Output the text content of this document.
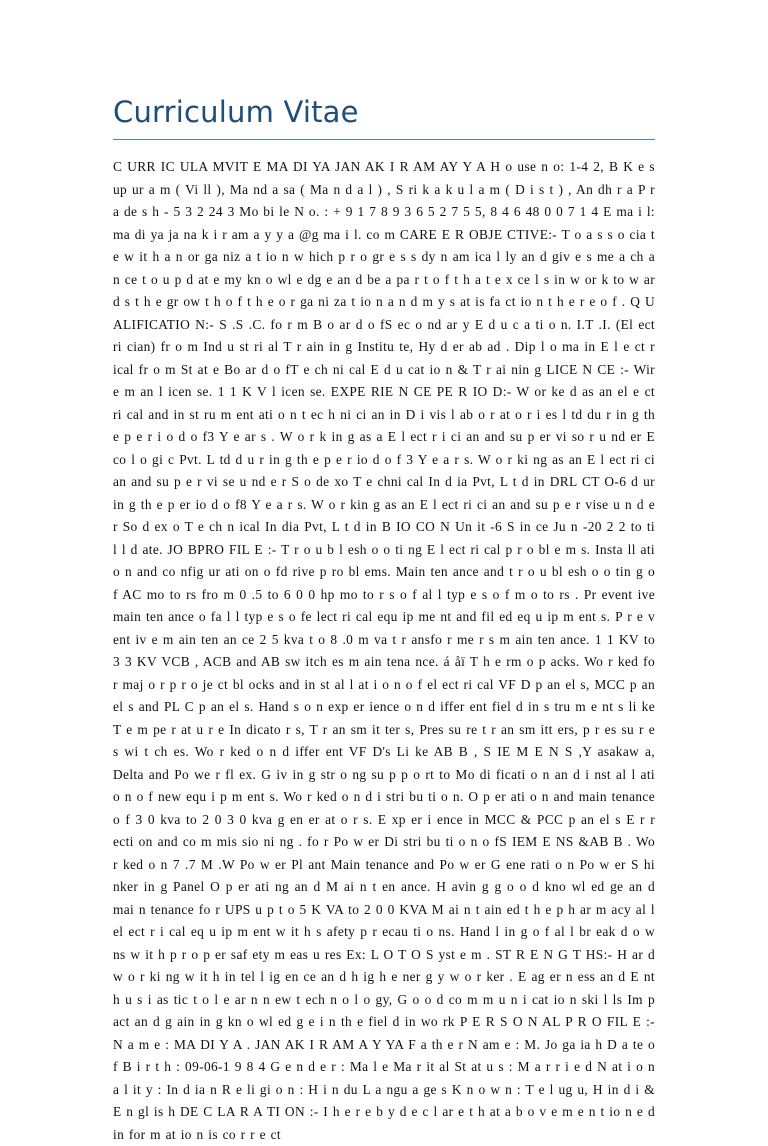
Curriculum Vitae

C URR IC ULA MVIT E MA DI YA JAN AK I R AM AY Y A H o use n o: 1-4 2, B K e s up ur a m ( Vi ll ), Ma nd a sa ( Ma n d a l ) , S ri k a k u l a m ( D i s t ) , An dh r a P r a de s h - 5 3 2 24 3 Mo bi le N o. : + 9 1 7 8 9 3 6 5 2 7 5 5, 8 4 6 48 0 0 7 1 4 E ma i l: ma di ya ja na k i r am a y y a @g ma i l. co m CARE E R OBJE CTIVE:- T o a s s o cia t e w it h a n or ga niz a t io n w hich p r o gr e s s dy n am ica l ly an d giv e s me a ch a n ce t o u p d at e my kn o wl e dg e an d be a pa r t o f t h a t e x ce l s in w or k to w ar d s t h e gr ow t h o f t h e o r ga ni za t io n a n d m y s at is fa ct io n t h e r e o f . Q U ALIFICATIO N:- S .S .C. fo r m B o ar d o fS ec o nd ar y E d u c a ti o n. I.T .I. (El ect ri cian) fr o m Ind u st ri al T r ain in g Institu te, Hy d er ab ad . Dip l o ma in E l e ct r ical fr o m St at e Bo ar d o fT e ch ni cal E d u cat io n & T r ai nin g LICE N CE :- Wir e m an l icen se. 1 1 K V l icen se. EXPE RIE N CE PE R IO D:- W or ke d as an el e ct ri cal and in st ru m ent ati o n t ec h ni ci an in D i vis l ab o r at o r i es l td du r in g th e p e r i o d o f3 Y e ar s . W o r k in g as a E l ect r i ci an and su p er vi so r u nd er E co l o gi c Pvt. L td d u r in g th e p e r io d o f 3 Y e a r s. W o r ki ng as an E l ect ri ci an and su p e r vi se u nd e r S o de xo T e chni cal In d ia Pvt, L t d in DRL CT O-6 d ur in g th e p er io d o f8 Y e a r s. W o r kin g as an E l ect ri ci an and su p e r vise u n d e r So d ex o T e ch n ical In dia Pvt, L t d in B IO CO N Un it -6 S in ce Ju n -20 2 2 to ti l l d ate. JO BPRO FIL E :- T r o u b l esh o o ti ng E l ect ri cal p r o bl e m s. Insta ll ati o n and co nfig ur ati on o fd rive p ro bl ems. Main ten ance and t r o u bl esh o o tin g o f AC mo to rs fro m 0 .5 to 6 0 0 hp mo to r s o f al l typ e s o f m o to rs . Pr event ive main ten ance o fa l l typ e s o fe lect ri cal equ ip me nt and fil ed eq u ip m ent s. P r e v ent iv e m ain ten an ce 2 5 kva t o 8 .0 m va t r ansfo r me r s m ain ten ance. 1 1 KV to 3 3 KV VCB , ACB and AB sw itch es m ain tena nce. á åï T h e rm o p acks. Wo r ked fo r maj o r p r o je ct bl ocks and in st al l at i o n o f el ect ri cal VF D p an el s, MCC p an el s and PL C p an el s. Hand s o n exp er ience o n d iffer ent fiel d in s tru m e nt s li ke T e m pe r at u r e In dicato r s, T r an sm it ter s, Pres su re t r an sm itt ers, p r es su r e s wi t ch es. Wo r ked o n d iffer ent VF D's Li ke AB B , S IE M E N S ,Y asakaw a, Delta and Po we r fl ex. G iv in g str o ng su p p o rt to Mo di ficati o n an d i nst al l ati o n o f new equ i p m ent s. Wo r ked o n d i stri bu ti o n. O p er ati o n and main tenance o f 3 0 kva to 2 0 3 0 kva g en er at o r s. E xp er i ence in MCC & PCC p an el s E r r ecti on and co m mis sio ni ng . fo r Po w er Di stri bu ti o n o fS IEM E NS &AB B . Wo r ked o n 7 .7 M .W Po w er Pl ant Main tenance and Po w er G ene rati o n Po w er S hi nker in g Panel O p er ati ng an d M ai n t en ance. H avin g g o o d kno wl ed ge an d mai n tenance fo r UPS u p t o 5 K VA to 2 0 0 KVA M ai n t ain ed t h e p h ar m acy al l el ect r i cal eq u ip m ent w it h s afety p r ecau ti o ns. Hand l in g o f al l br eak d o w ns w it h p r o p er saf ety m eas u res Ex: L O T O S yst e m . ST R E N G T HS:- H ar d w o r ki ng w it h in tel l ig en ce an d h ig h e ner g y w o r ker . E ag er n ess an d E nt h u s i as tic t o l e ar n n ew t ech n o l o gy, G o o d co m m u n i cat io n ski l ls Im p act an d g ain in g kn o wl ed g e i n th e fiel d in wo rk P E R S O N AL P R O FIL E :- N a m e : MA DI Y A . JAN AK I R AM A Y YA F a th e r N am e : M. Jo ga ia h D a te o f B i r t h : 09-06-1 9 8 4 G e n d e r : Ma l e Ma r it al St at u s : M a r r i e d N at i o n a l it y : In d ia n R e li gi o n : H i n du L a ngu a ge s K n o w n : T e l ug u, H in d i & E n gl is h DE C LA R A TI ON :- I h e r e b y d e c l ar e t h at a b o v e m e n t io n e d in for m at io n is co r r e ct
